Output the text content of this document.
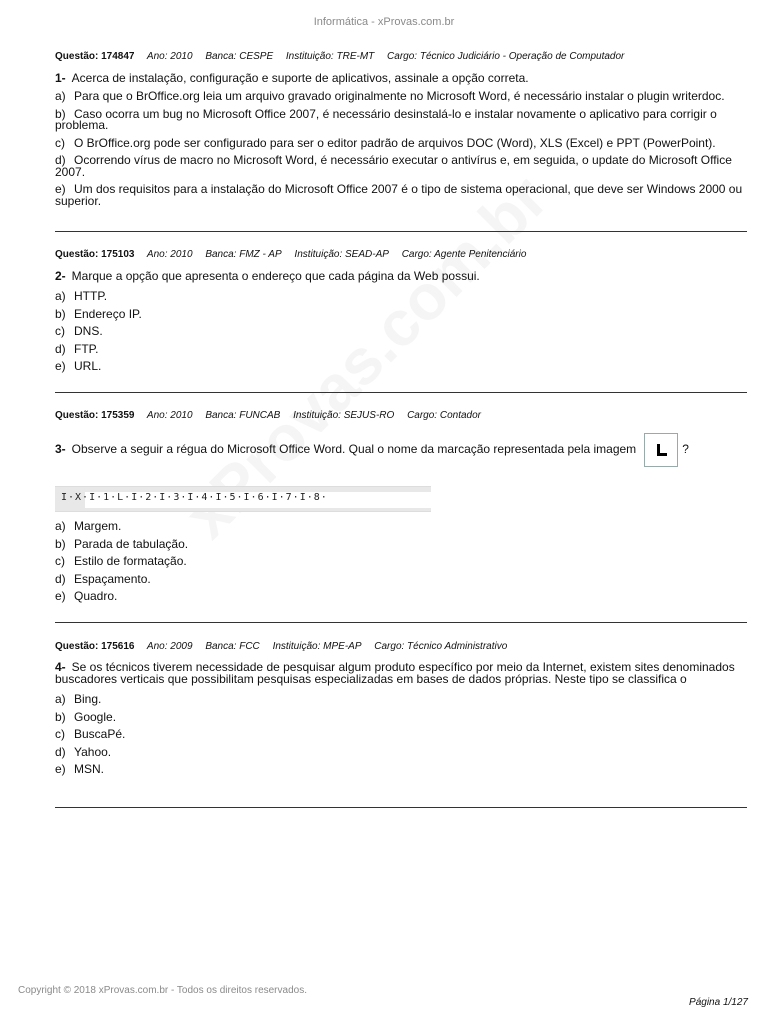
Informática - xProvas.com.br
Questão: 174847 Ano: 2010 Banca: CESPE Instituição: TRE-MT Cargo: Técnico Judiciário - Operação de Computador
1- Acerca de instalação, configuração e suporte de aplicativos, assinale a opção correta.
a) Para que o BrOffice.org leia um arquivo gravado originalmente no Microsoft Word, é necessário instalar o plugin writerdoc.
b) Caso ocorra um bug no Microsoft Office 2007, é necessário desinstalá-lo e instalar novamente o aplicativo para corrigir o problema.
c) O BrOffice.org pode ser configurado para ser o editor padrão de arquivos DOC (Word), XLS (Excel) e PPT (PowerPoint).
d) Ocorrendo vírus de macro no Microsoft Word, é necessário executar o antivírus e, em seguida, o update do Microsoft Office 2007.
e) Um dos requisitos para a instalação do Microsoft Office 2007 é o tipo de sistema operacional, que deve ser Windows 2000 ou superior.
Questão: 175103 Ano: 2010 Banca: FMZ - AP Instituição: SEAD-AP Cargo: Agente Penitenciário
2- Marque a opção que apresenta o endereço que cada página da Web possui.
a) HTTP.
b) Endereço IP.
c) DNS.
d) FTP.
e) URL.
Questão: 175359 Ano: 2010 Banca: FUNCAB Instituição: SEJUS-RO Cargo: Contador
3- Observe a seguir a régua do Microsoft Office Word. Qual o nome da marcação representada pela imagem	?
I·X·I·1·L·I·2·I·3·I·4·I·5·I·6·I·7·I·8·
a) Margem.
b) Parada de tabulação.
c) Estilo de formatação.
d) Espaçamento.
e) Quadro.
Questão: 175616 Ano: 2009 Banca: FCC Instituição: MPE-AP Cargo: Técnico Administrativo
4- Se os técnicos tiverem necessidade de pesquisar algum produto específico por meio da Internet, existem sites denominados buscadores verticais que possibilitam pesquisas especializadas em bases de dados próprias. Neste tipo se classifica o
a) Bing.
b) Google.
c) BuscaPé.
d) Yahoo.
e) MSN.
Copyright © 2018 xProvas.com.br - Todos os direitos reservados.
Página 1/127
